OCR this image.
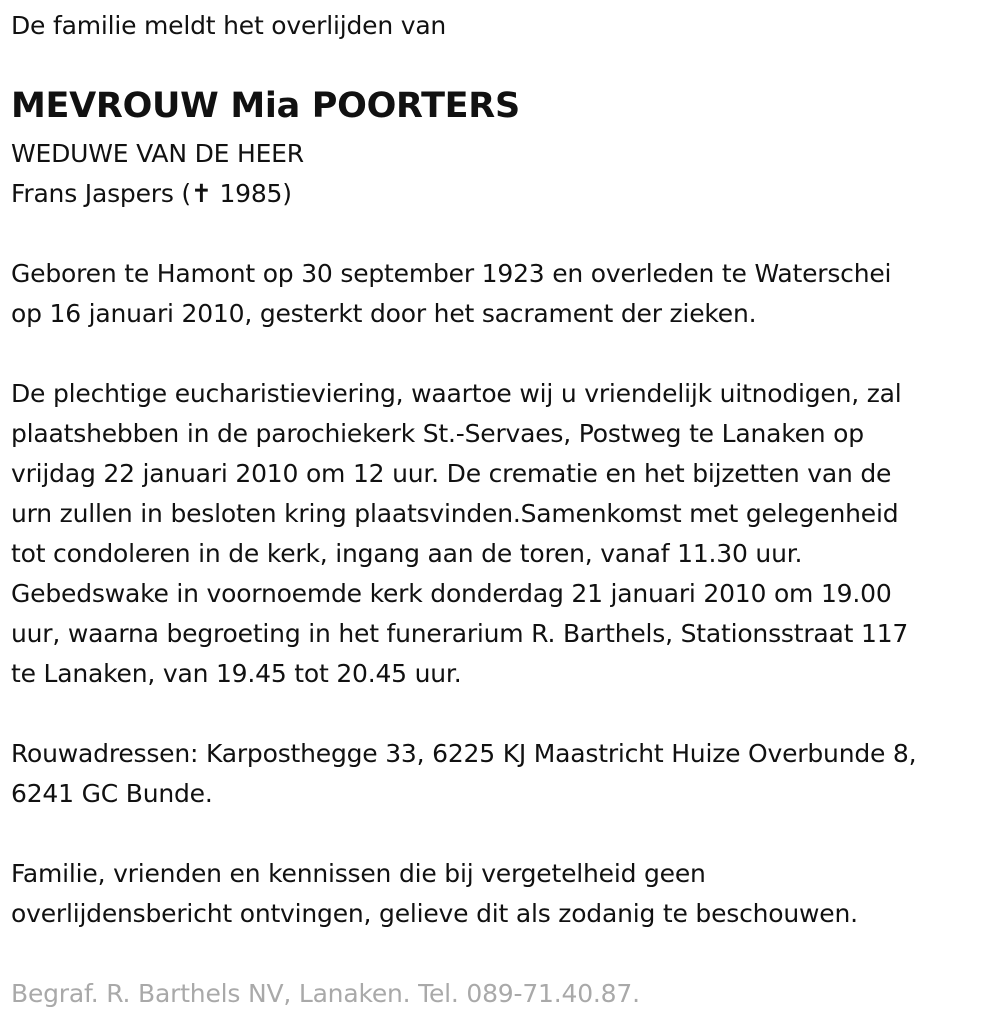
De familie meldt het overlijden van
MEVROUW Mia POORTERS
WEDUWE VAN DE HEER
Frans Jaspers (✝ 1985)
Geboren te Hamont op 30 september 1923 en overleden te Waterschei
op 16 januari 2010, gesterkt door het sacrament der zieken.
De plechtige eucharistieviering, waartoe wij u vriendelijk uitnodigen, zal
plaatshebben in de parochiekerk St.-Servaes, Postweg te Lanaken op
vrijdag 22 januari 2010 om 12 uur. De crematie en het bijzetten van de
urn zullen in besloten kring plaatsvinden.Samenkomst met gelegenheid
tot condoleren in de kerk, ingang aan de toren, vanaf 11.30 uur.
Gebedswake in voornoemde kerk donderdag 21 januari 2010 om 19.00
uur, waarna begroeting in het funerarium R. Barthels, Stationsstraat 117
te Lanaken, van 19.45 tot 20.45 uur.
Rouwadressen: Karposthegge 33, 6225 KJ Maastricht Huize Overbunde 8,
6241 GC Bunde.
Familie, vrienden en kennissen die bij vergetelheid geen
overlijdensbericht ontvingen, gelieve dit als zodanig te beschouwen.
Begraf. R. Barthels NV, Lanaken. Tel. 089-71.40.87.
